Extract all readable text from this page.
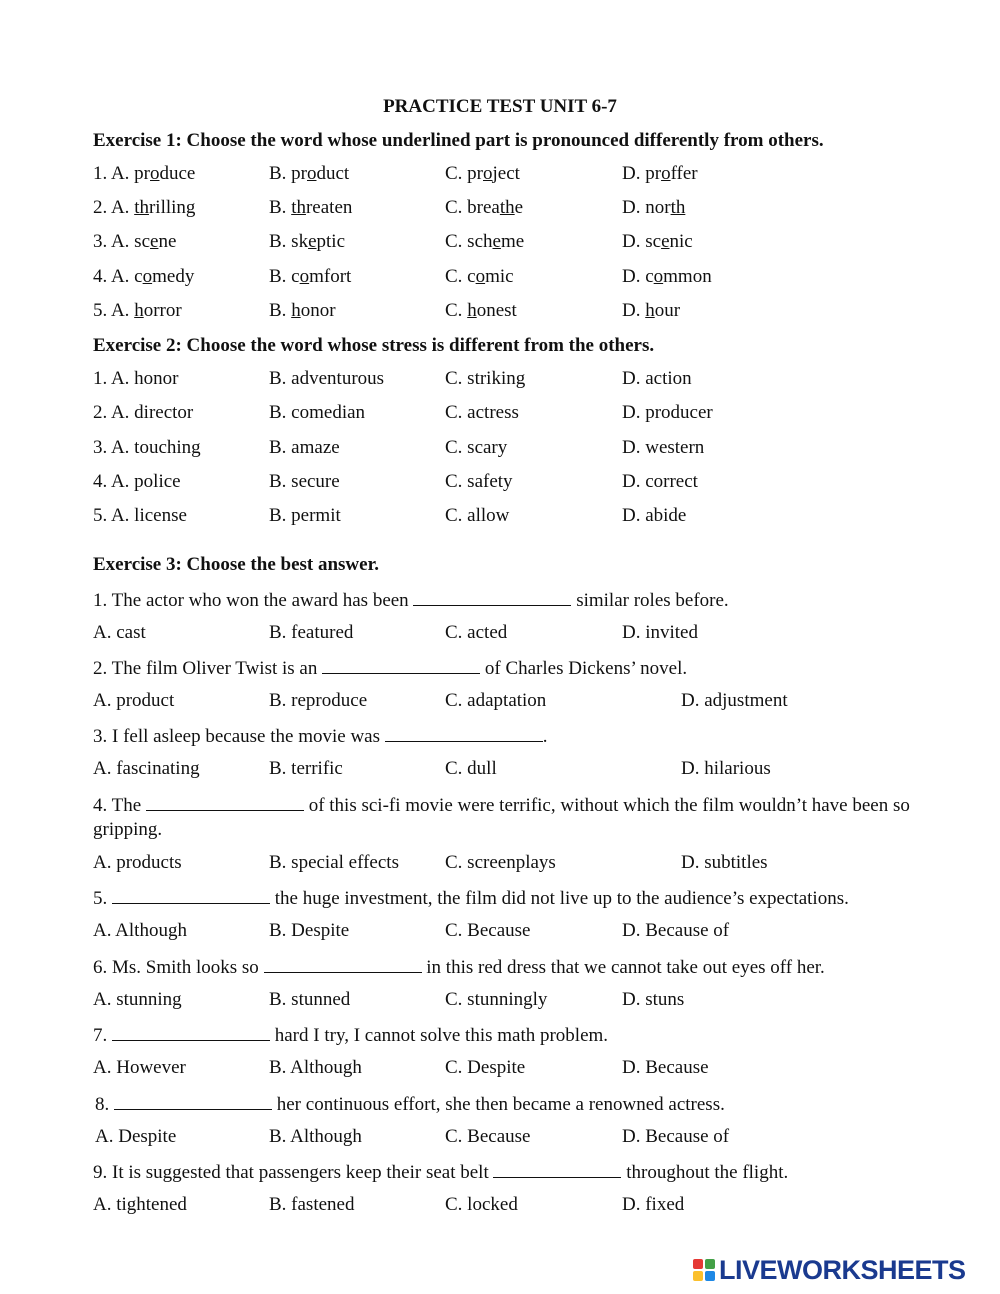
PRACTICE TEST UNIT 6-7
Exercise 1: Choose the word whose underlined part is pronounced differently from others.
1. A. produce	B. product	C. project	D. proffer
2. A. thrilling	B. threaten	C. breathe	D. north
3. A. scene	B. skeptic	C. scheme	D. scenic
4. A. comedy	B. comfort	C. comic	D. common
5. A. horror	B. honor	C. honest	D. hour
Exercise 2: Choose the word whose stress is different from the others.
1. A. honor	B. adventurous	C. striking	D. action
2. A. director	B. comedian	C. actress	D. producer
3. A. touching	B. amaze	C. scary	D. western
4. A. police	B. secure	C. safety	D. correct
5. A. license	B. permit	C. allow	D. abide
Exercise 3: Choose the best answer.
1. The actor who won the award has been	similar roles before.
A. cast	B. featured	C. acted	D. invited
2. The film Oliver Twist is an	of Charles Dickens’ novel.
A. product	B. reproduce	C. adaptation	D. adjustment
3. I fell asleep because the movie was	.
A. fascinating	B. terrific	C. dull	D. hilarious
4. The	of this sci-fi movie were terrific, without which the film wouldn’t have been so gripping.
A. products	B. special effects C. screenplays	D. subtitles
5.	the huge investment, the film did not live up to the audience’s expectations.
A. Although	B. Despite	C. Because	D. Because of
6. Ms. Smith looks so	in this red dress that we cannot take out eyes off her.
A. stunning	B. stunned	C. stunningly	D. stuns
7.	hard I try, I cannot solve this math problem.
A. However	B. Although	C. Despite	D. Because
8.	her continuous effort, she then became a renowned actress.
A. Despite	B. Although	C. Because	D. Because of
9. It is suggested that passengers keep their seat belt	throughout the flight.
A. tightened	B. fastened	C. locked	D. fixed
LIVEWORKSHEETS
